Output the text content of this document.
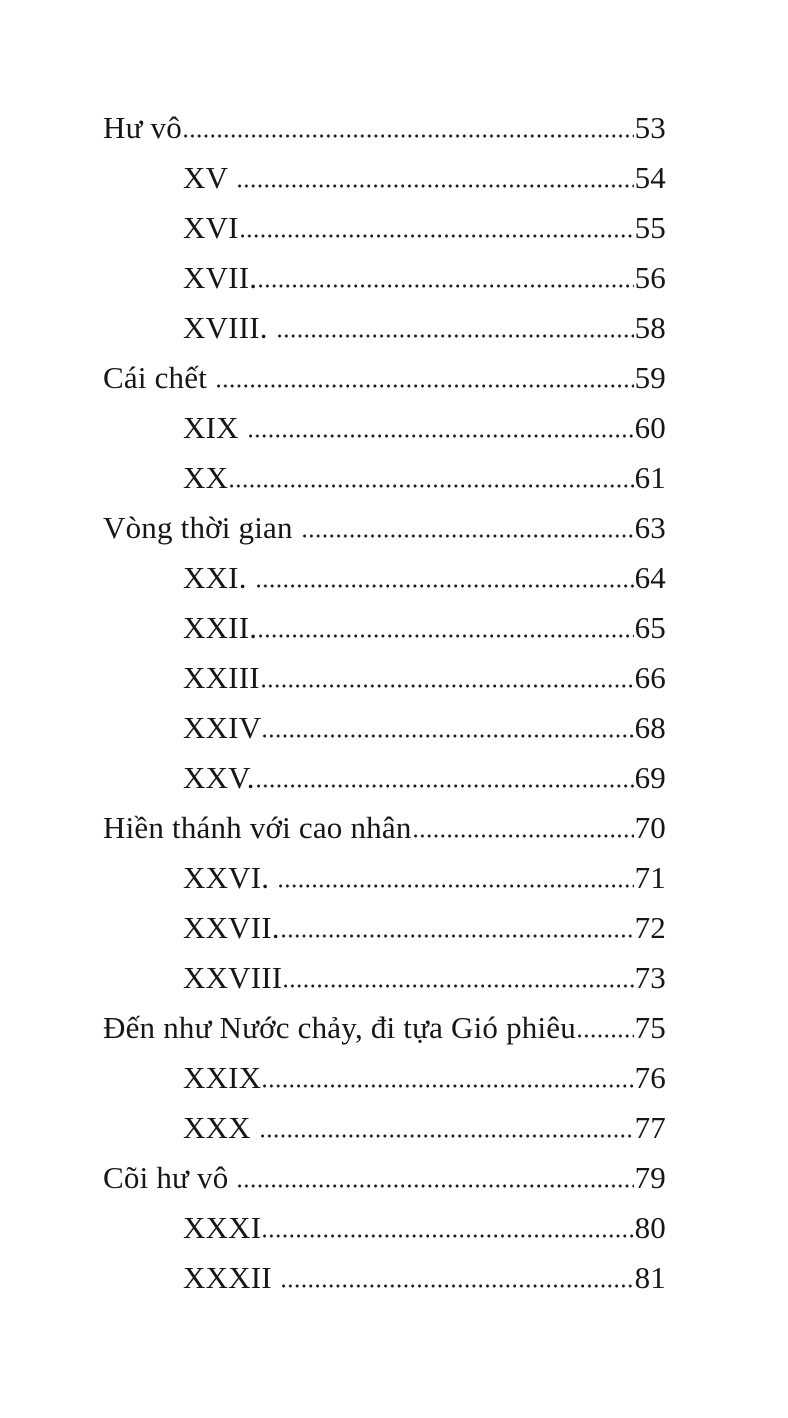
Hư vô	53
XV	54
XVI	55
XVII.	56
XVIII.	58
Cái chết	59
XIX	60
XX	61
Vòng thời gian	63
XXI.	64
XXII.	65
XXIII	66
XXIV	68
XXV.	69
Hiền thánh với cao nhân	70
XXVI.	71
XXVII.	72
XXVIII	73
Đến như Nước chảy, đi tựa Gió phiêu 75
XXIX	76
XXX	77
Cõi hư vô	79
XXXI	80
XXXII	81
